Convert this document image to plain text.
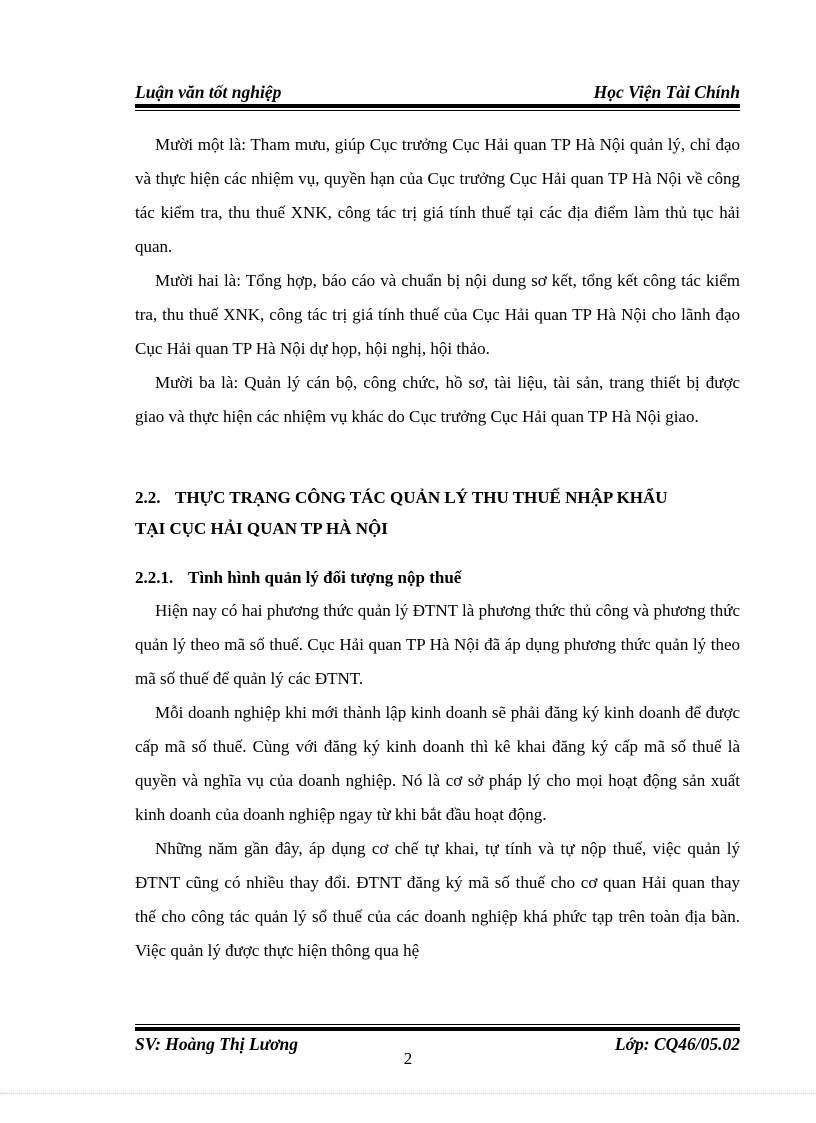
Luận văn tốt nghiệp	Học Viện Tài Chính

Mười một là: Tham mưu, giúp Cục trưởng Cục Hải quan TP Hà Nội quản lý, chỉ đạo và thực hiện các nhiệm vụ, quyền hạn của Cục trưởng Cục Hải quan TP Hà Nội về công tác kiểm tra, thu thuế XNK, công tác trị giá tính thuế tại các địa điểm làm thủ tục hải quan.

Mười hai là: Tổng hợp, báo cáo và chuẩn bị nội dung sơ kết, tổng kết công tác kiểm tra, thu thuế XNK, công tác trị giá tính thuế của Cục Hải quan TP Hà Nội cho lãnh đạo Cục Hải quan TP Hà Nội dự họp, hội nghị, hội thảo.

Mười ba là: Quản lý cán bộ, công chức, hồ sơ, tài liệu, tài sản, trang thiết bị được giao và thực hiện các nhiệm vụ khác do Cục trưởng Cục Hải quan TP Hà Nội giao.

2.2. THỰC TRẠNG CÔNG TÁC QUẢN LÝ THU THUẾ NHẬP KHẨU
TẠI CỤC HẢI QUAN TP HÀ NỘI
2.2.1. Tình hình quản lý đối tượng nộp thuế

Hiện nay có hai phương thức quản lý ĐTNT là phương thức thủ công và phương thức quản lý theo mã số thuế. Cục Hải quan TP Hà Nội đã áp dụng phương thức quản lý theo mã số thuế để quản lý các ĐTNT.

Mỗi doanh nghiệp khi mới thành lập kinh doanh sẽ phải đăng ký kinh doanh để được cấp mã số thuế. Cùng với đăng ký kinh doanh thì kê khai đăng ký cấp mã số thuế là quyền và nghĩa vụ của doanh nghiệp. Nó là cơ sở pháp lý cho mọi hoạt động sản xuất kinh doanh của doanh nghiệp ngay từ khi bắt đầu hoạt động.

Những năm gần đây, áp dụng cơ chế tự khai, tự tính và tự nộp thuế, việc quản lý ĐTNT cũng có nhiều thay đổi. ĐTNT đăng ký mã số thuế cho cơ quan Hải quan thay thế cho công tác quản lý sổ thuế của các doanh nghiệp khá phức tạp trên toàn địa bàn. Việc quản lý được thực hiện thông qua hệ

SV: Hoàng Thị Lương	Lớp: CQ46/05.02
2
